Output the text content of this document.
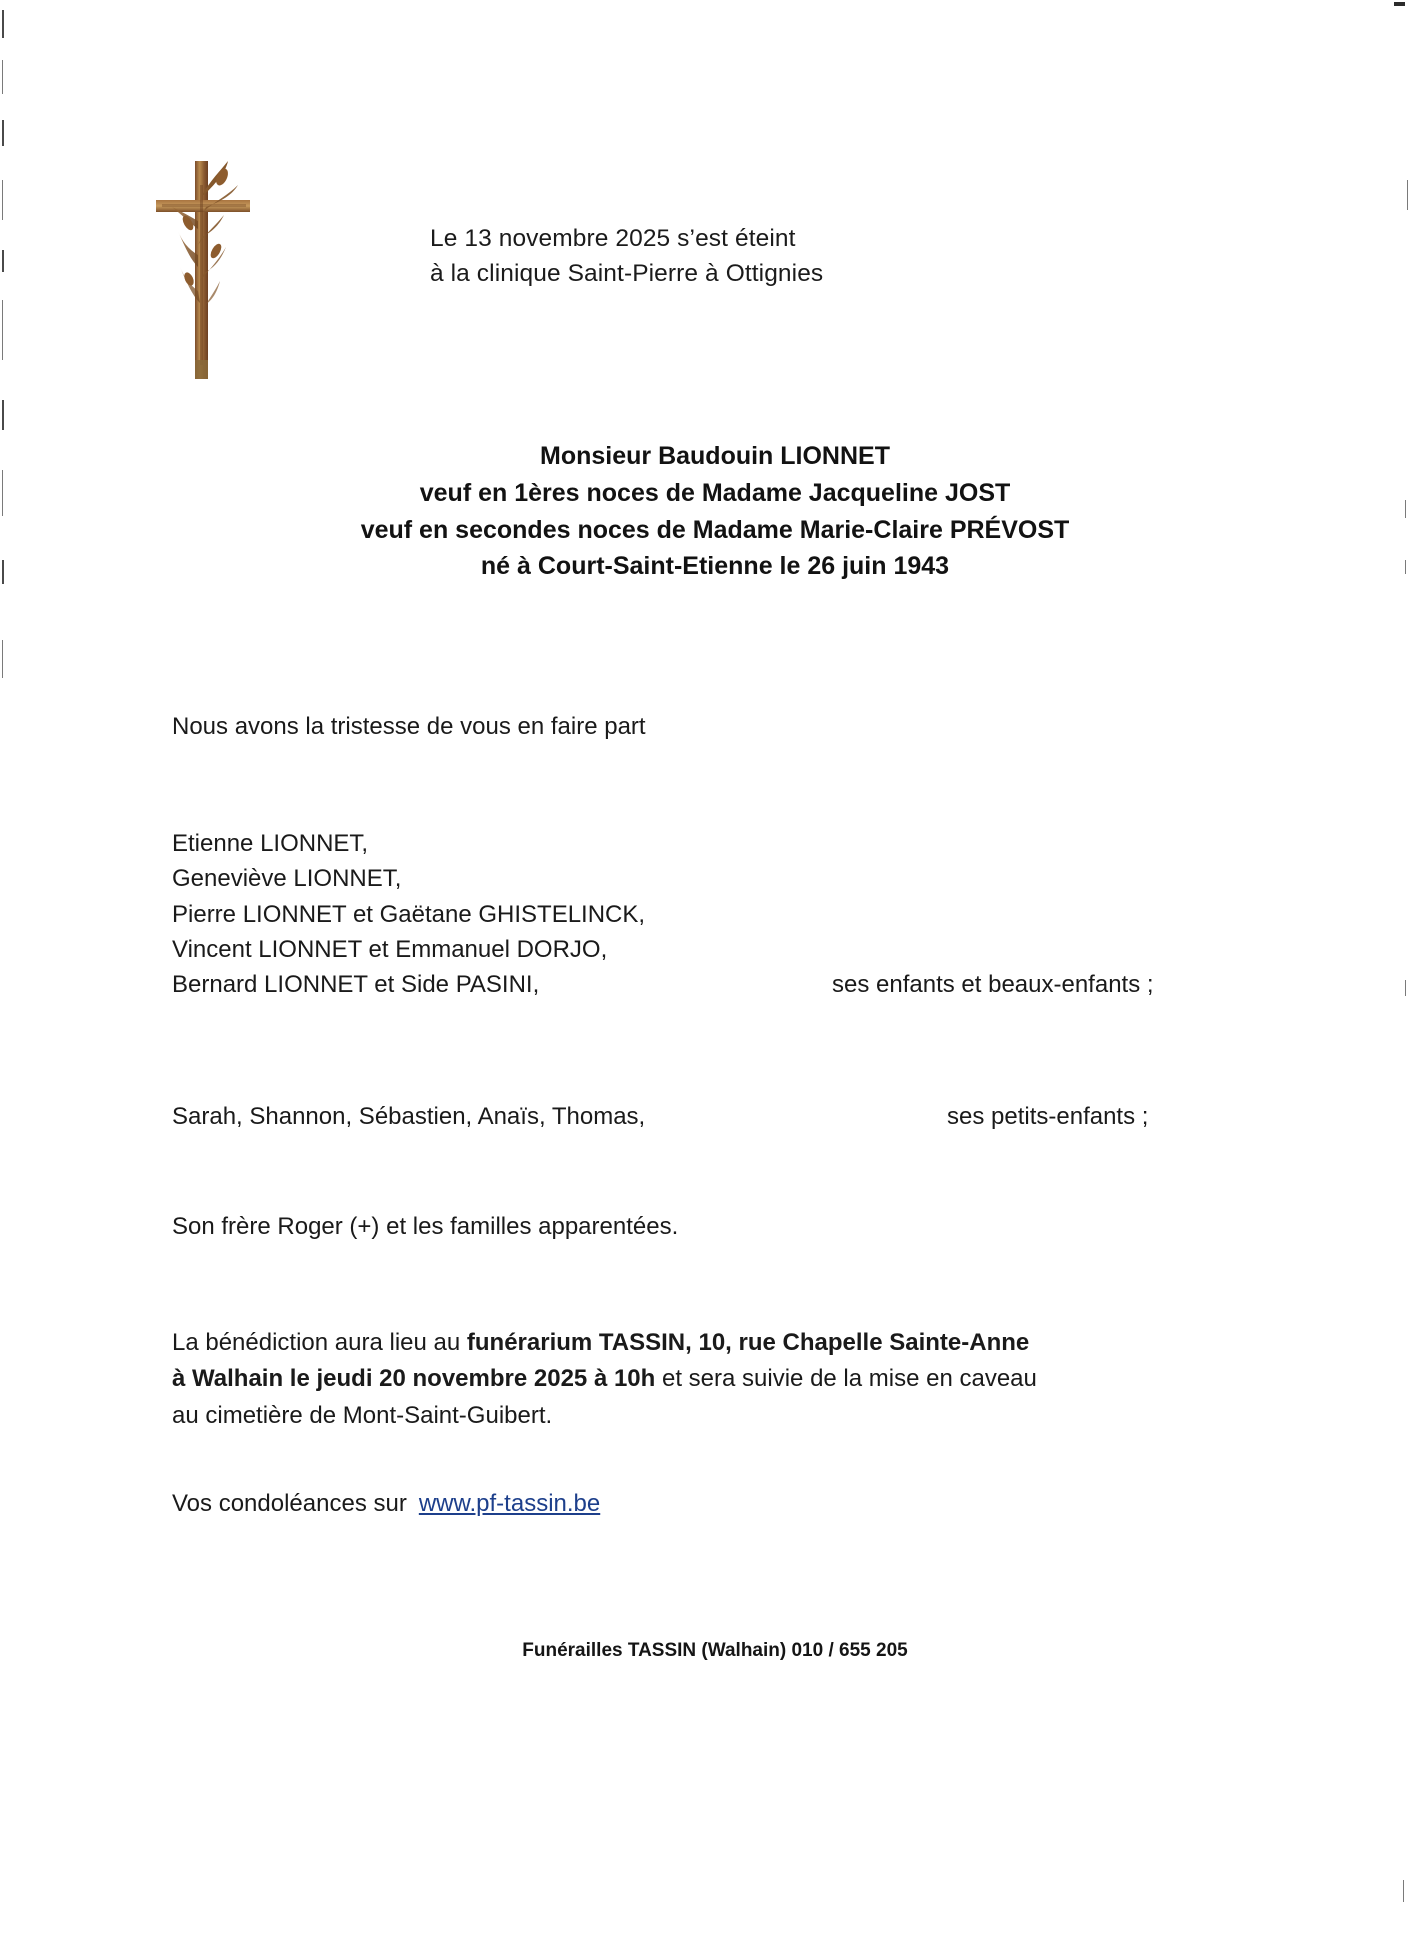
Le 13 novembre 2025 s’est éteint
à la clinique Saint-Pierre à Ottignies
Monsieur Baudouin LIONNET
veuf en 1ères noces de Madame Jacqueline JOST
veuf en secondes noces de Madame Marie-Claire PRÉVOST
né à Court-Saint-Etienne le 26 juin 1943
Nous avons la tristesse de vous en faire part
Etienne LIONNET,
Geneviève LIONNET,
Pierre LIONNET et Gaëtane GHISTELINCK,
Vincent LIONNET et Emmanuel DORJO,
Bernard LIONNET et Side PASINI,	ses enfants et beaux-enfants ;
Sarah, Shannon, Sébastien, Anaïs, Thomas,	ses petits-enfants ;
Son frère Roger (+) et les familles apparentées.
La bénédiction aura lieu au funérarium TASSIN, 10, rue Chapelle Sainte-Anne
à Walhain le jeudi 20 novembre 2025 à 10h et sera suivie de la mise en caveau
au cimetière de Mont-Saint-Guibert.
Vos condoléances sur www.pf-tassin.be
Funérailles TASSIN (Walhain) 010 / 655 205
